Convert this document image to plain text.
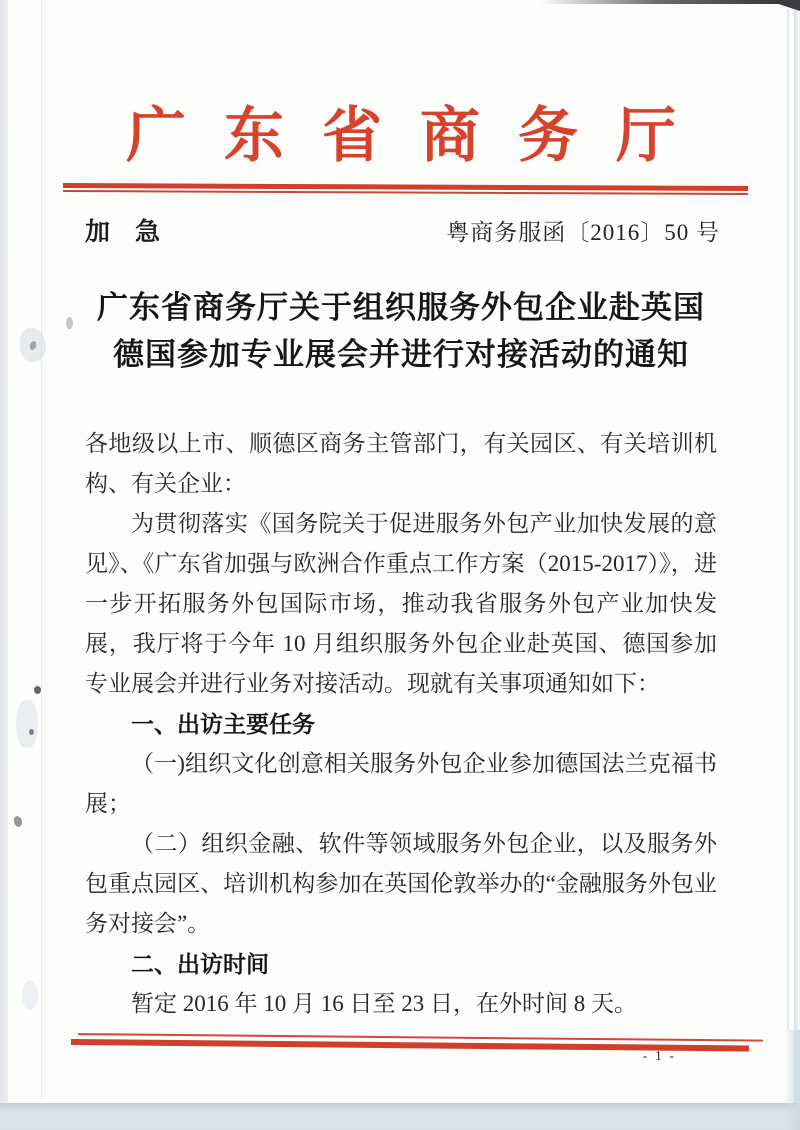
广东省商务厅
加　急	粤商务服函〔2016〕50 号
广东省商务厅关于组织服务外包企业赴英国
德国参加专业展会并进行对接活动的通知

各地级以上市、顺德区商务主管部门，有关园区、有关培训机构、有关企业：

为贯彻落实《国务院关于促进服务外包产业加快发展的意见》、《广东省加强与欧洲合作重点工作方案（2015-2017）》，进一步开拓服务外包国际市场，推动我省服务外包产业加快发展，我厅将于今年 10 月组织服务外包企业赴英国、德国参加专业展会并进行业务对接活动。现就有关事项通知如下：

一、出访主要任务

（一)组织文化创意相关服务外包企业参加德国法兰克福书展；

（二）组织金融、软件等领域服务外包企业，以及服务外包重点园区、培训机构参加在英国伦敦举办的“金融服务外包业务对接会”。

二、出访时间

暂定 2016 年 10 月 16 日至 23 日，在外时间 8 天。

- 1 -
